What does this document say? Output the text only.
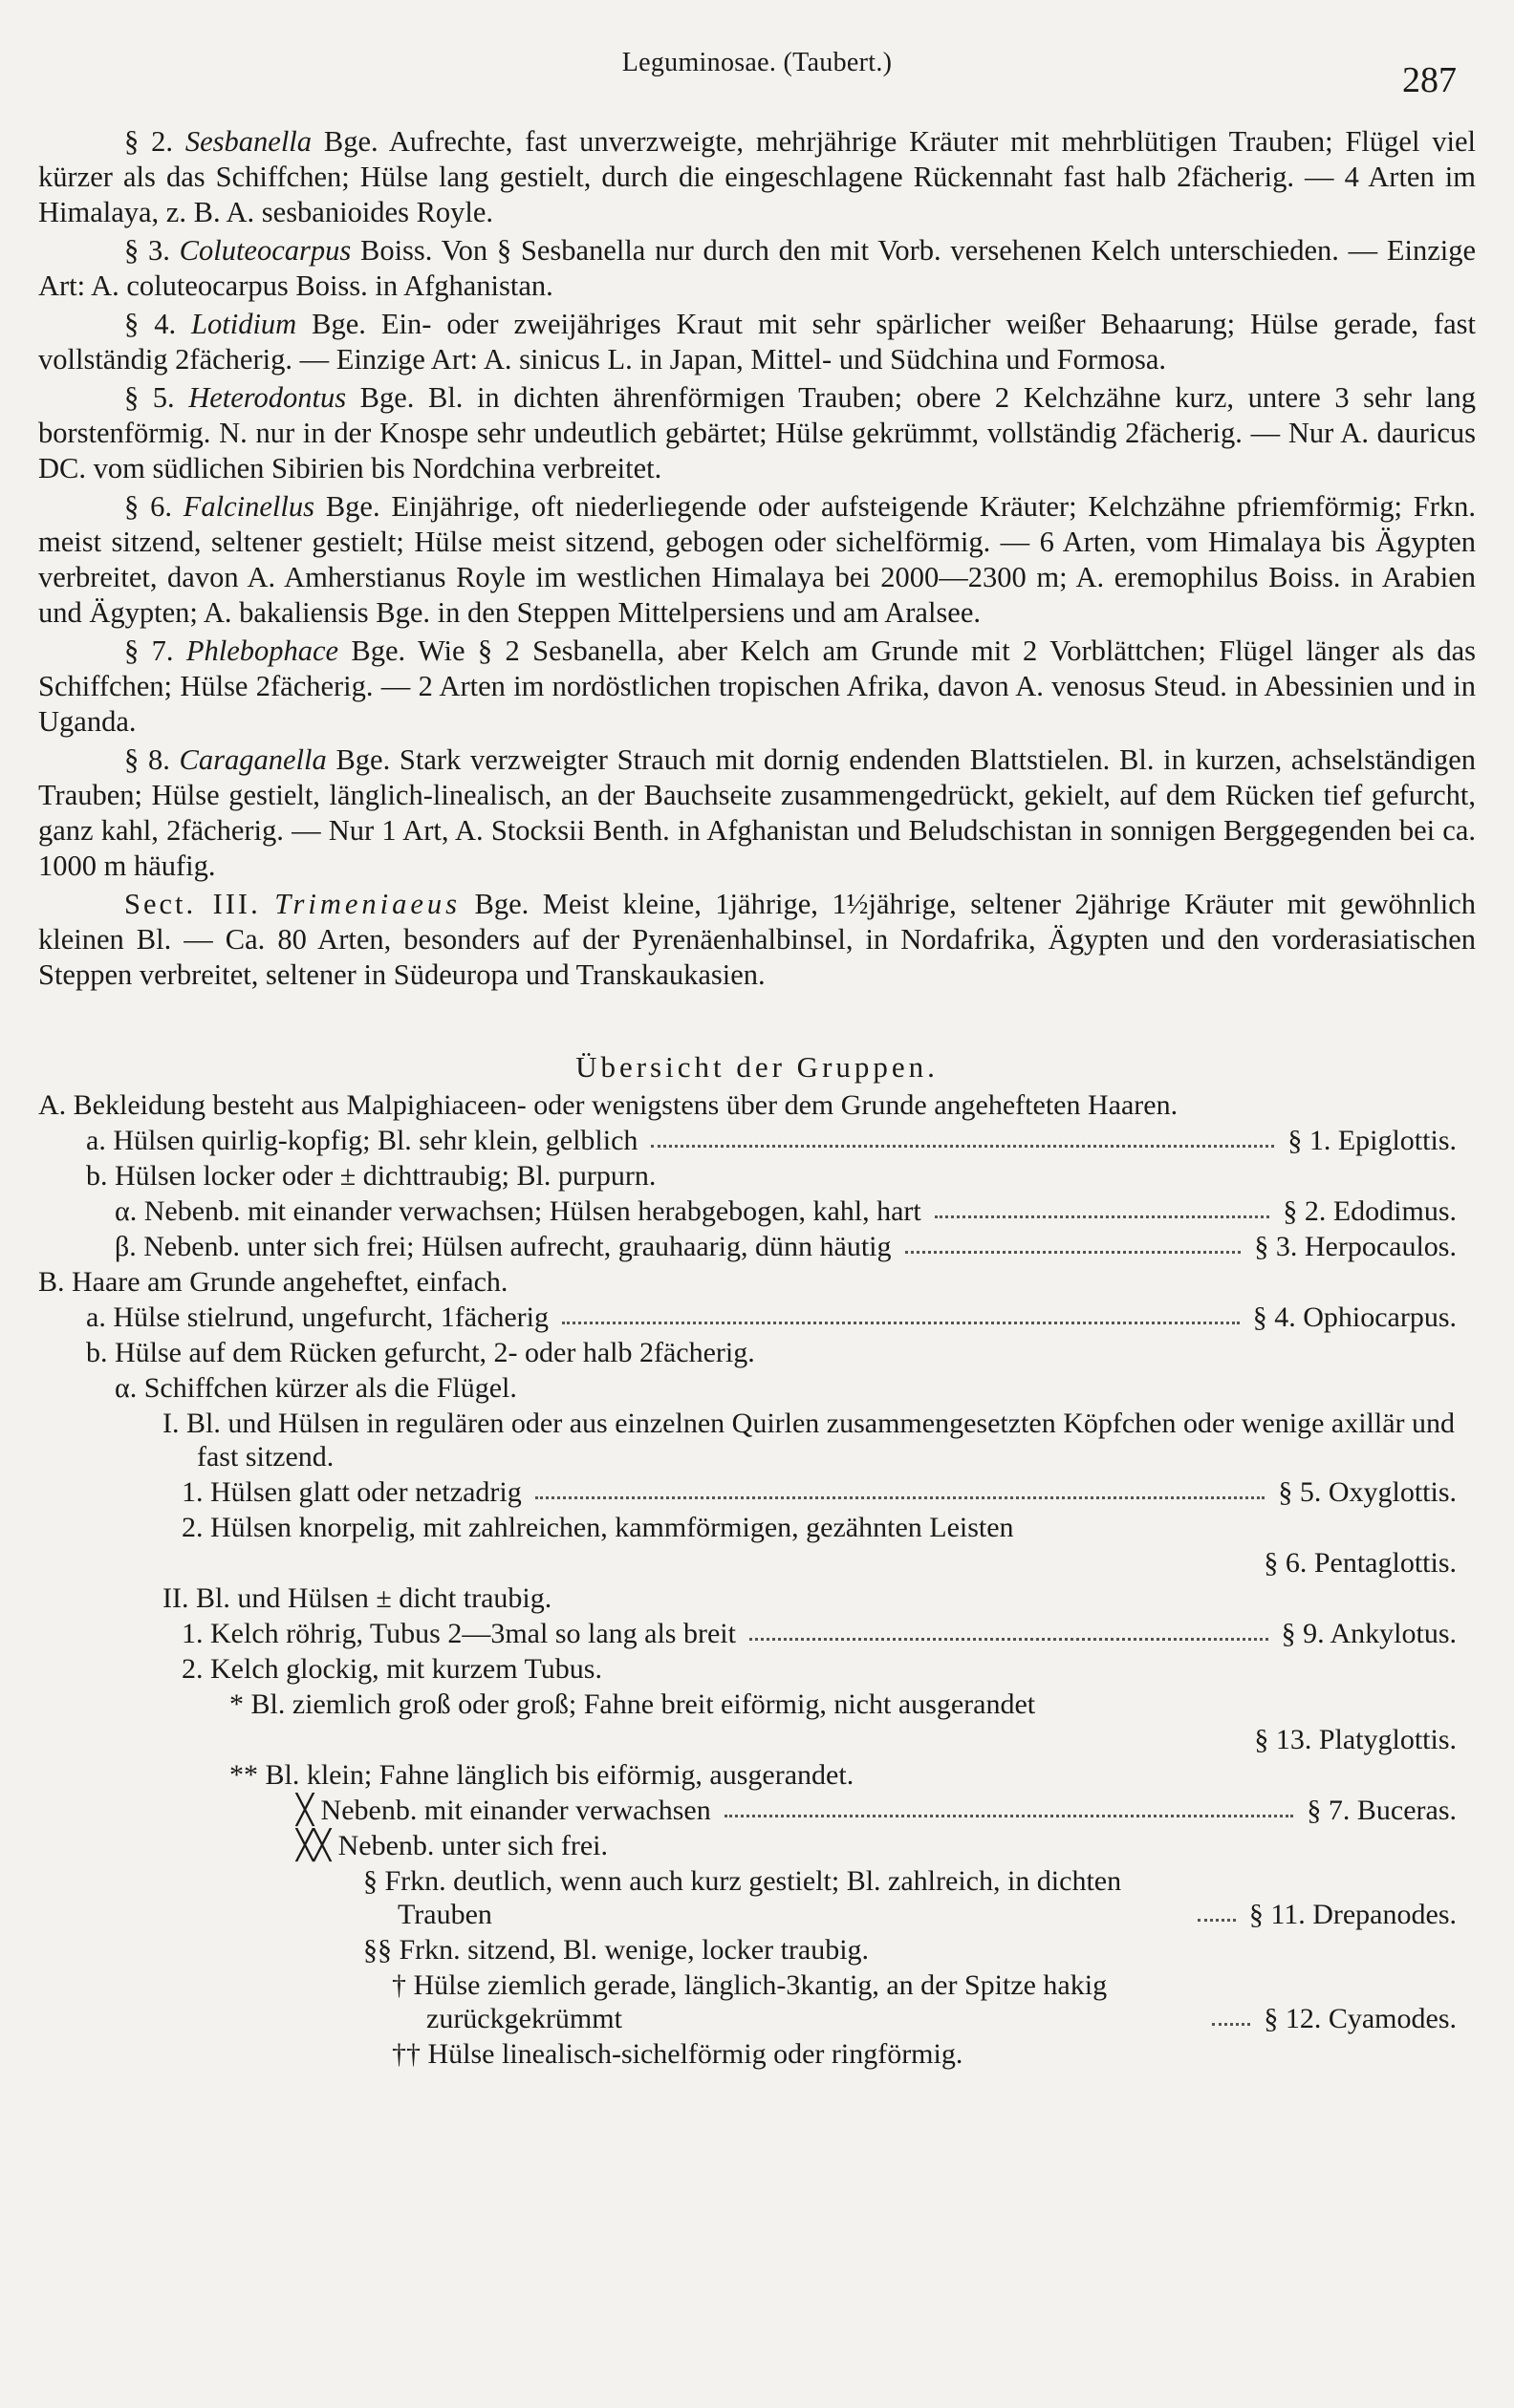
Leguminosae. (Taubert.)	287

§ 2. Sesbanella Bge. Aufrechte, fast unverzweigte, mehrjährige Kräuter mit mehrblütigen Trauben; Flügel viel kürzer als das Schiffchen; Hülse lang gestielt, durch die eingeschlagene Rückennaht fast halb 2fächerig. — 4 Arten im Himalaya, z. B. A. sesbanioides Royle.

§ 3. Coluteocarpus Boiss. Von § Sesbanella nur durch den mit Vorb. versehenen Kelch unterschieden. — Einzige Art: A. coluteocarpus Boiss. in Afghanistan.

§ 4. Lotidium Bge. Ein- oder zweijähriges Kraut mit sehr spärlicher weißer Behaarung; Hülse gerade, fast vollständig 2fächerig. — Einzige Art: A. sinicus L. in Japan, Mittel- und Südchina und Formosa.

§ 5. Heterodontus Bge. Bl. in dichten ährenförmigen Trauben; obere 2 Kelchzähne kurz, untere 3 sehr lang borstenförmig. N. nur in der Knospe sehr undeutlich gebärtet; Hülse gekrümmt, vollständig 2fächerig. — Nur A. dauricus DC. vom südlichen Sibirien bis Nordchina verbreitet.

§ 6. Falcinellus Bge. Einjährige, oft niederliegende oder aufsteigende Kräuter; Kelchzähne pfriemförmig; Frkn. meist sitzend, seltener gestielt; Hülse meist sitzend, gebogen oder sichelförmig. — 6 Arten, vom Himalaya bis Ägypten verbreitet, davon A. Amherstianus Royle im westlichen Himalaya bei 2000—2300 m; A. eremophilus Boiss. in Arabien und Ägypten; A. bakaliensis Bge. in den Steppen Mittelpersiens und am Aralsee.

§ 7. Phlebophace Bge. Wie § 2 Sesbanella, aber Kelch am Grunde mit 2 Vorblättchen; Flügel länger als das Schiffchen; Hülse 2fächerig. — 2 Arten im nordöstlichen tropischen Afrika, davon A. venosus Steud. in Abessinien und in Uganda.

§ 8. Caraganella Bge. Stark verzweigter Strauch mit dornig endenden Blattstielen. Bl. in kurzen, achselständigen Trauben; Hülse gestielt, länglich-linealisch, an der Bauchseite zusammengedrückt, gekielt, auf dem Rücken tief gefurcht, ganz kahl, 2fächerig. — Nur 1 Art, A. Stocksii Benth. in Afghanistan und Beludschistan in sonnigen Berggegenden bei ca. 1000 m häufig.

Sect. III. Trimeniaeus Bge. Meist kleine, 1jährige, 1½jährige, seltener 2jährige Kräuter mit gewöhnlich kleinen Bl. — Ca. 80 Arten, besonders auf der Pyrenäenhalbinsel, in Nordafrika, Ägypten und den vorderasiatischen Steppen verbreitet, seltener in Südeuropa und Transkaukasien.

Übersicht der Gruppen.
A. Bekleidung besteht aus Malpighiaceen- oder wenigstens über dem Grunde angehefteten Haaren.
a. Hülsen quirlig-kopfig; Bl. sehr klein, gelblich	§ 1. Epiglottis.
b. Hülsen locker oder ± dichttraubig; Bl. purpurn.
α. Nebenb. mit einander verwachsen; Hülsen herabgebogen, kahl, hart	§ 2. Edodimus.
β. Nebenb. unter sich frei; Hülsen aufrecht, grauhaarig, dünn häutig	§ 3. Herpocaulos.
B. Haare am Grunde angeheftet, einfach.
a. Hülse stielrund, ungefurcht, 1fächerig	§ 4. Ophiocarpus.
b. Hülse auf dem Rücken gefurcht, 2- oder halb 2fächerig.
α. Schiffchen kürzer als die Flügel.
I. Bl. und Hülsen in regulären oder aus einzelnen Quirlen zusammengesetzten Köpfchen oder wenige axillär und fast sitzend.
1. Hülsen glatt oder netzadrig	§ 5. Oxyglottis.
2. Hülsen knorpelig, mit zahlreichen, kammförmigen, gezähnten Leisten
§ 6. Pentaglottis.
II. Bl. und Hülsen ± dicht traubig.
1. Kelch röhrig, Tubus 2—3mal so lang als breit	§ 9. Ankylotus.
2. Kelch glockig, mit kurzem Tubus.
* Bl. ziemlich groß oder groß; Fahne breit eiförmig, nicht ausgerandet
§ 13. Platyglottis.
** Bl. klein; Fahne länglich bis eiförmig, ausgerandet.
╳ Nebenb. mit einander verwachsen	§ 7. Buceras.
╳╳ Nebenb. unter sich frei.
§ Frkn. deutlich, wenn auch kurz gestielt; Bl. zahlreich, in dichten Trauben	§ 11. Drepanodes.
§§ Frkn. sitzend, Bl. wenige, locker traubig.
† Hülse ziemlich gerade, länglich-3kantig, an der Spitze hakig zurückgekrümmt	§ 12. Cyamodes.
†† Hülse linealisch-sichelförmig oder ringförmig.
